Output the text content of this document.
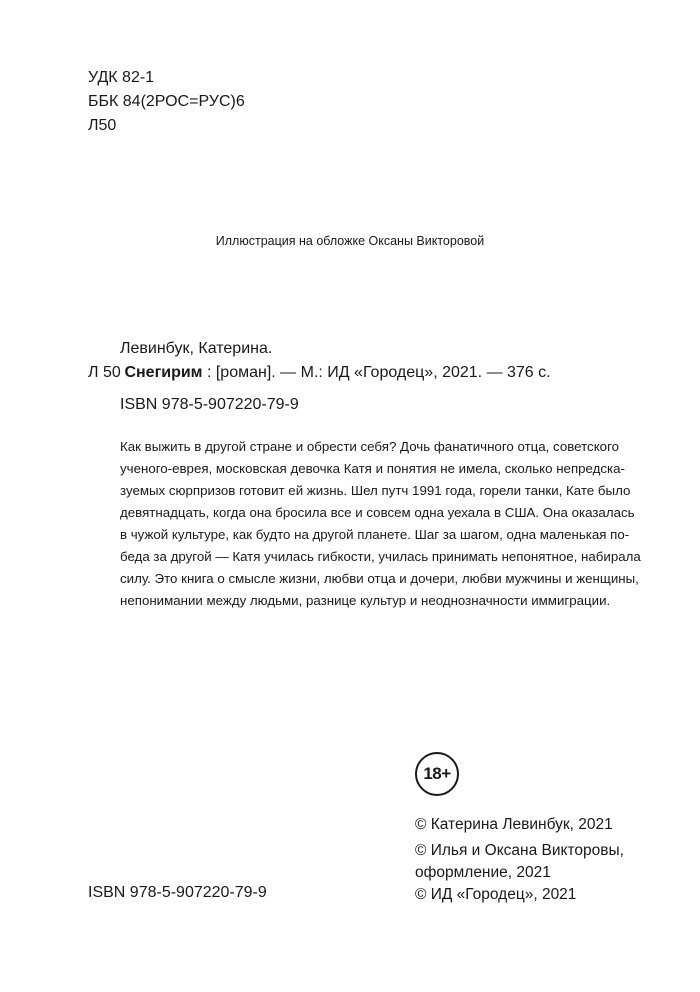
УДК 82-1
ББК 84(2РОС=РУС)6
Л50
Иллюстрация на обложке Оксаны Викторовой
Левинбук, Катерина.
Л 50 Снегирим : [роман]. — М.: ИД «Городец», 2021. — 376 с.
ISBN 978-5-907220-79-9
Как выжить в другой стране и обрести себя? Дочь фанатичного отца, советского
ученого-еврея, московская девочка Катя и понятия не имела, сколько непредска-
зуемых сюрпризов готовит ей жизнь. Шел путч 1991 года, горели танки, Кате было
девятнадцать, когда она бросила все и совсем одна уехала в США. Она оказалась
в чужой культуре, как будто на другой планете. Шаг за шагом, одна маленькая по-
беда за другой — Катя училась гибкости, училась принимать непонятное, набирала
силу. Это книга о смысле жизни, любви отца и дочери, любви мужчины и женщины,
непонимании между людьми, разнице культур и неоднозначности иммиграции.
18+
© Катерина Левинбук, 2021
© Илья и Оксана Викторовы,
оформление, 2021
© ИД «Городец», 2021
ISBN 978-5-907220-79-9
